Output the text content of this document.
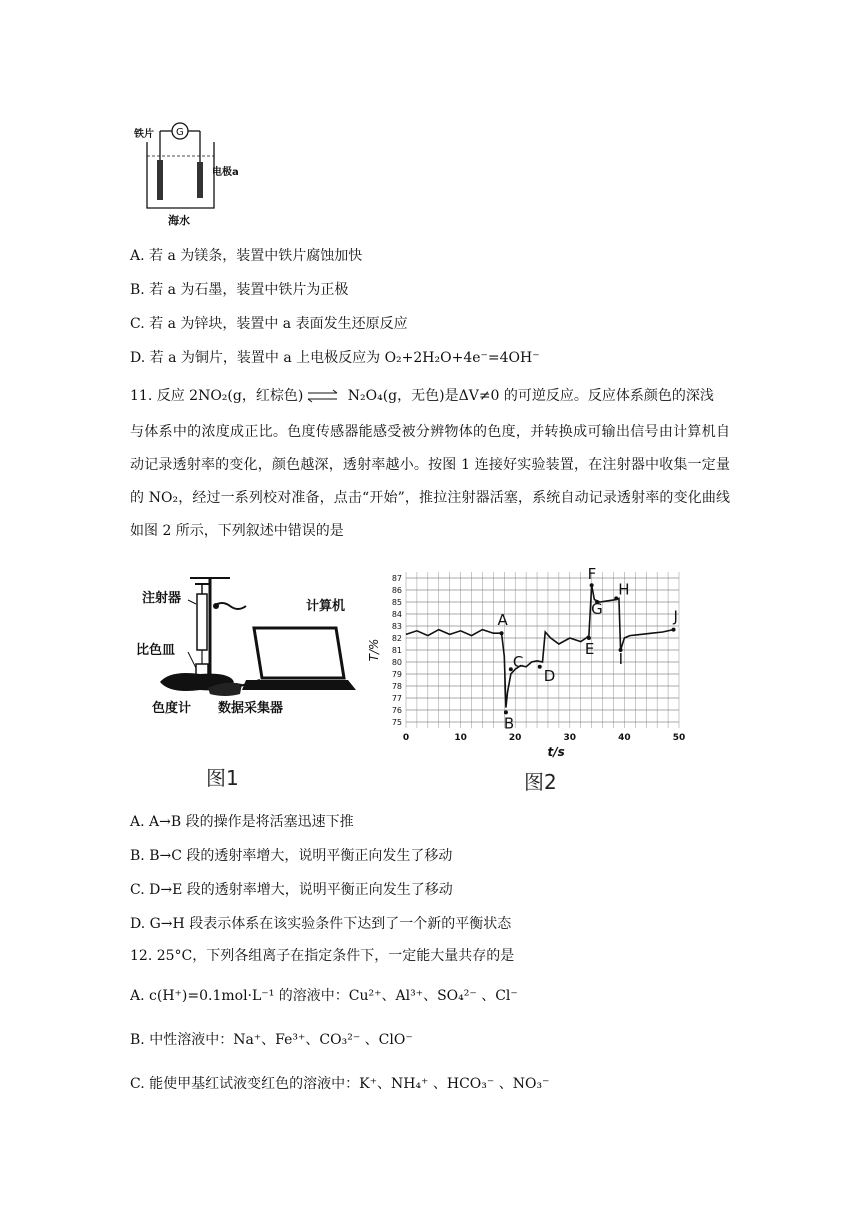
铁片 G
电极a
海水
A. 若 a 为镁条，装置中铁片腐蚀加快
B. 若 a 为石墨，装置中铁片为正极
C. 若 a 为锌块，装置中 a 表面发生还原反应
D. 若 a 为铜片，装置中 a 上电极反应为 O₂+2H₂O+4e⁻=4OH⁻
11. 反应 2NO₂(g，红棕色) ⇌ N₂O₄(g，无色)是ΔV≠0 的可逆反应。反应体系颜色的深浅
与体系中的浓度成正比。色度传感器能感受被分辨物体的色度，并转换成可输出信号由计算机自动记录透射率的变化，颜色越深，透射率越小。按图 1 连接好实验装置，在注射器中收集一定量的 NO₂，经过一系列校对准备，点击“开始”，推拉注射器活塞，系统自动记录透射率的变化曲线如图 2 所示，下列叙述中错误的是
注射器
计算机
比色皿
色度计 数据采集器
图1
75
76
77
78
79
80
81
82
83
84
85
86
87
0	10	20	30	40	50
T/%
t/s
A
B
C
D
E
F
G
H
I
J
图2
A. A→B 段的操作是将活塞迅速下推
B. B→C 段的透射率增大，说明平衡正向发生了移动
C. D→E 段的透射率增大，说明平衡正向发生了移动
D. G→H 段表示体系在该实验条件下达到了一个新的平衡状态
12. 25°C，下列各组离子在指定条件下，一定能大量共存的是
A. c(H⁺)=0.1mol·L⁻¹ 的溶液中：Cu²⁺、Al³⁺、SO₄²⁻ 、Cl⁻
B. 中性溶液中：Na⁺、Fe³⁺、CO₃²⁻ 、ClO⁻
C. 能使甲基红试液变红色的溶液中：K⁺、NH₄⁺ 、HCO₃⁻ 、NO₃⁻
